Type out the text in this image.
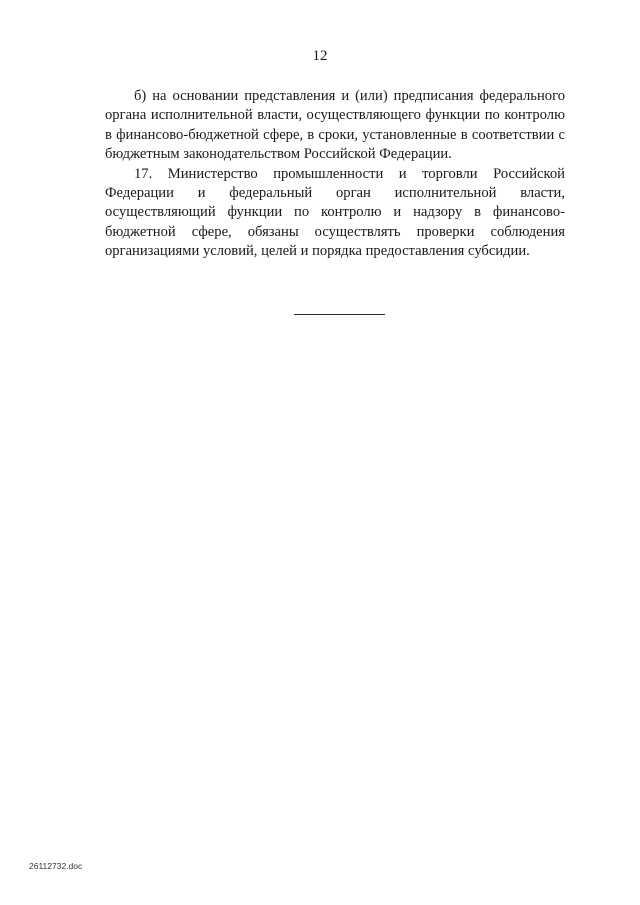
12

б) на основании представления и (или) предписания федерального органа исполнительной власти, осуществляющего функции по контролю в финансово-бюджетной сфере, в сроки, установленные в соответствии с бюджетным законодательством Российской Федерации.

17. Министерство промышленности и торговли Российской Федерации и федеральный орган исполнительной власти, осуществляющий функции по контролю и надзору в финансово-бюджетной сфере, обязаны осуществлять проверки соблюдения организациями условий, целей и порядка предоставления субсидии.

26112732.doc
